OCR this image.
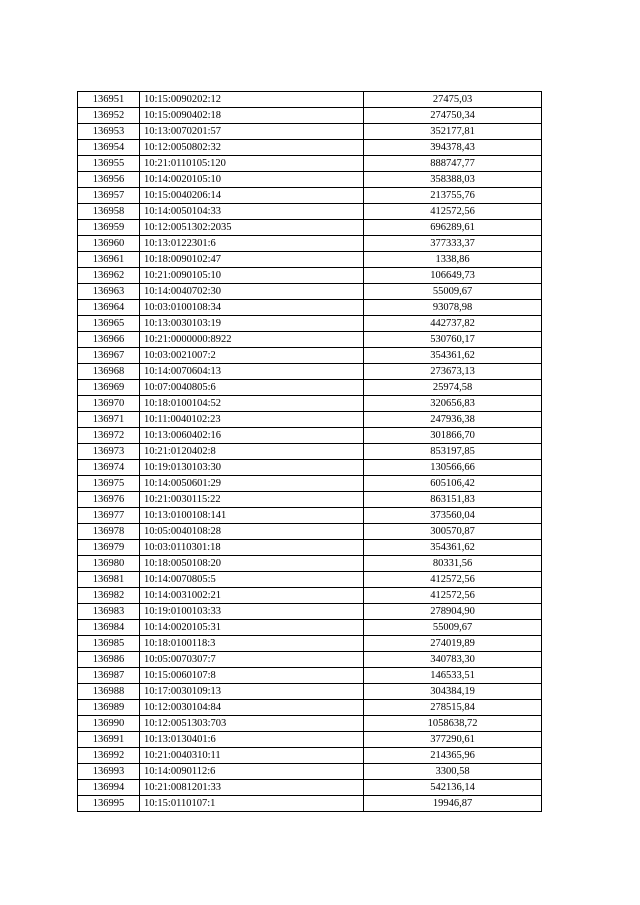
136951	10:15:0090202:12	27475,03
136952	10:15:0090402:18	274750,34
136953	10:13:0070201:57	352177,81
136954	10:12:0050802:32	394378,43
136955	10:21:0110105:120	888747,77
136956	10:14:0020105:10	358388,03
136957	10:15:0040206:14	213755,76
136958	10:14:0050104:33	412572,56
136959	10:12:0051302:2035	696289,61
136960	10:13:0122301:6	377333,37
136961	10:18:0090102:47	1338,86
136962	10:21:0090105:10	106649,73
136963	10:14:0040702:30	55009,67
136964	10:03:0100108:34	93078,98
136965	10:13:0030103:19	442737,82
136966	10:21:0000000:8922	530760,17
136967	10:03:0021007:2	354361,62
136968	10:14:0070604:13	273673,13
136969	10:07:0040805:6	25974,58
136970	10:18:0100104:52	320656,83
136971	10:11:0040102:23	247936,38
136972	10:13:0060402:16	301866,70
136973	10:21:0120402:8	853197,85
136974	10:19:0130103:30	130566,66
136975	10:14:0050601:29	605106,42
136976	10:21:0030115:22	863151,83
136977	10:13:0100108:141	373560,04
136978	10:05:0040108:28	300570,87
136979	10:03:0110301:18	354361,62
136980	10:18:0050108:20	80331,56
136981	10:14:0070805:5	412572,56
136982	10:14:0031002:21	412572,56
136983	10:19:0100103:33	278904,90
136984	10:14:0020105:31	55009,67
136985	10:18:0100118:3	274019,89
136986	10:05:0070307:7	340783,30
136987	10:15:0060107:8	146533,51
136988	10:17:0030109:13	304384,19
136989	10:12:0030104:84	278515,84
136990	10:12:0051303:703	1058638,72
136991	10:13:0130401:6	377290,61
136992	10:21:0040310:11	214365,96
136993	10:14:0090112:6	3300,58
136994	10:21:0081201:33	542136,14
136995	10:15:0110107:1	19946,87
